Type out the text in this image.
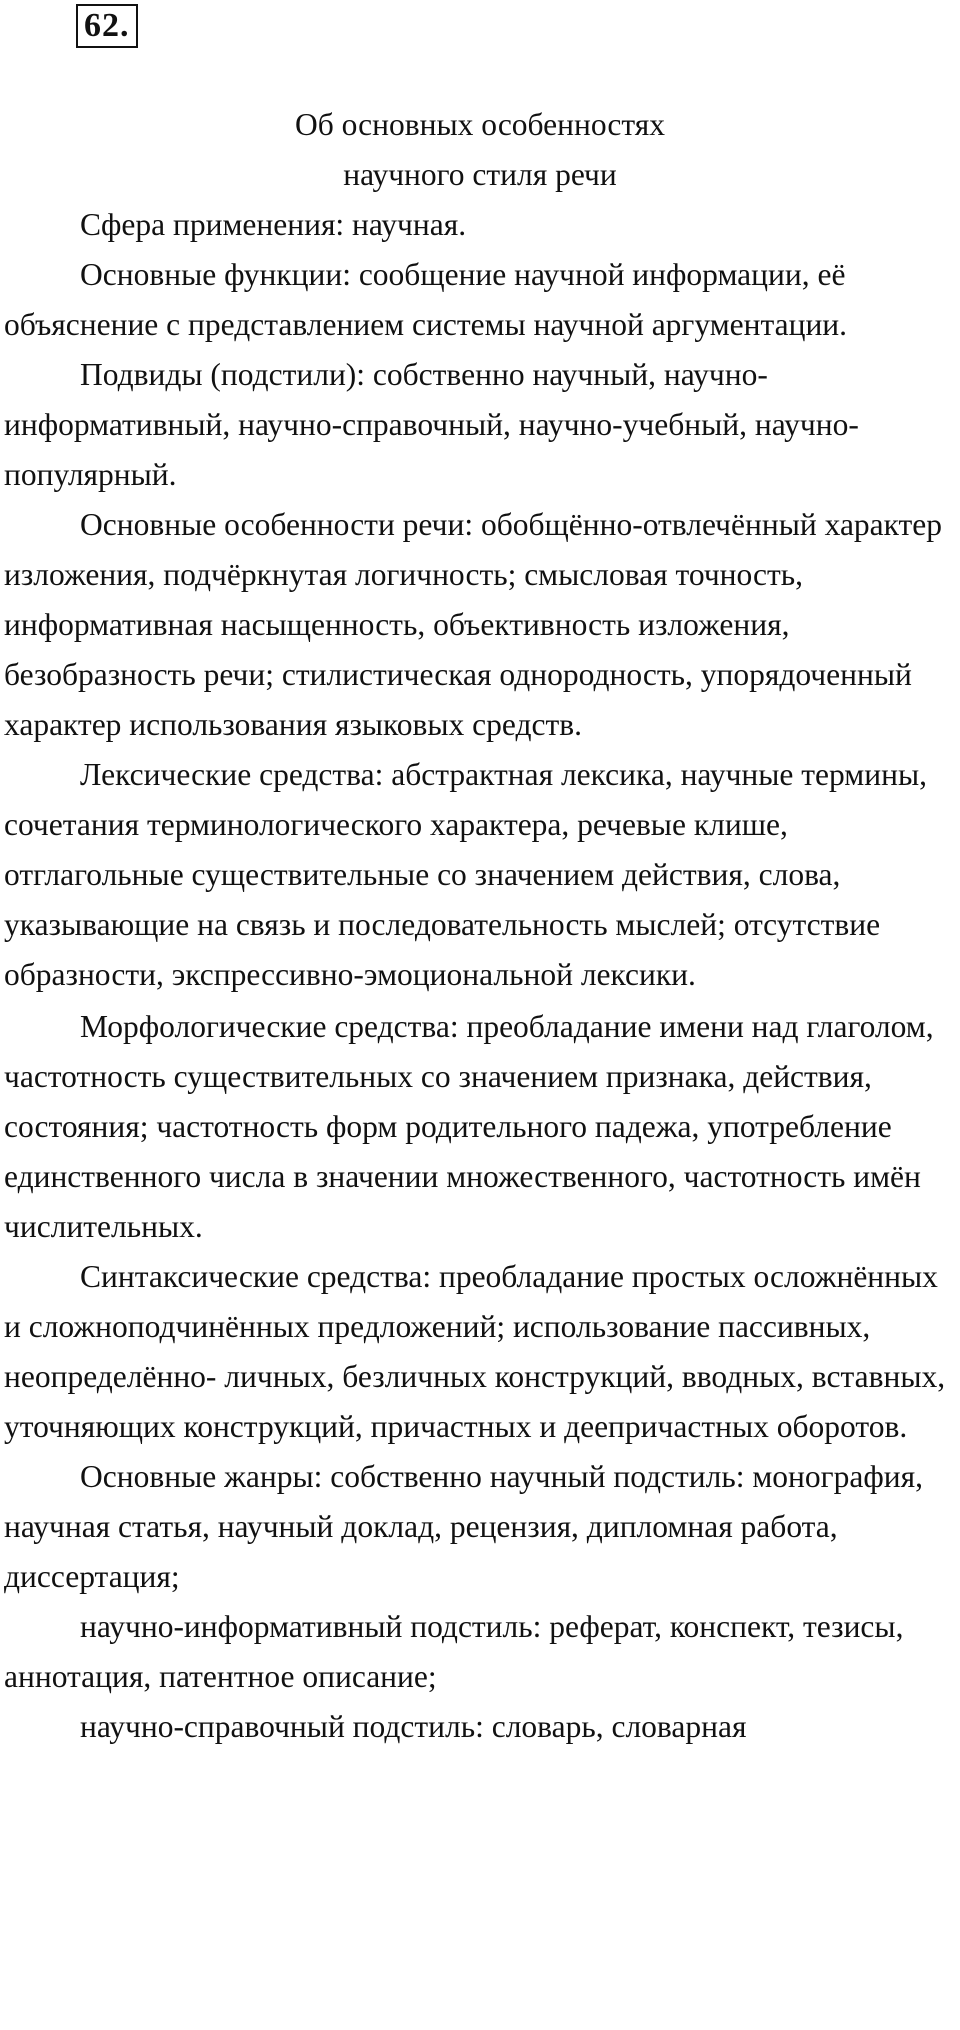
62.
Об основных особенностях
научного стиля речи

Сфера применения: научная.

Основные функции: сообщение научной информации, её объяснение с представлением системы научной аргументации.

Подвиды (подстили): собственно научный, научно-информативный, научно-справочный, научно-учебный, научно-популярный.

Основные особенности речи: обобщённо-отвлечённый характер изложения, подчёркнутая логичность; смысловая точность, информативная насыщенность, объективность изложения, безобразность речи; стилистическая однородность, упорядоченный характер использования языковых средств.

Лексические средства: абстрактная лексика, научные термины, сочетания терминологического характера, речевые клише, отглагольные существительные со значением действия, слова, указывающие на связь и последовательность мыслей; отсутствие образности, экспрессивно-эмоциональной лексики.

Морфологические средства: преобладание имени над глаголом, частотность существительных со значением признака, действия, состояния; частотность форм родительного падежа, употребление единственного числа в значении множественного, частотность имён числительных.

Синтаксические средства: преобладание простых осложнённых и сложноподчинённых предложений; использование пассивных, неопределённо- личных, безличных конструкций, вводных, вставных, уточняющих конструкций, причастных и деепричастных оборотов.

Основные жанры: собственно научный подстиль: монография, научная статья, научный доклад, рецензия, дипломная работа, диссертация;

научно-информативный подстиль: реферат, конспект, тезисы, аннотация, патентное описание;

научно-справочный подстиль: словарь, словарная
